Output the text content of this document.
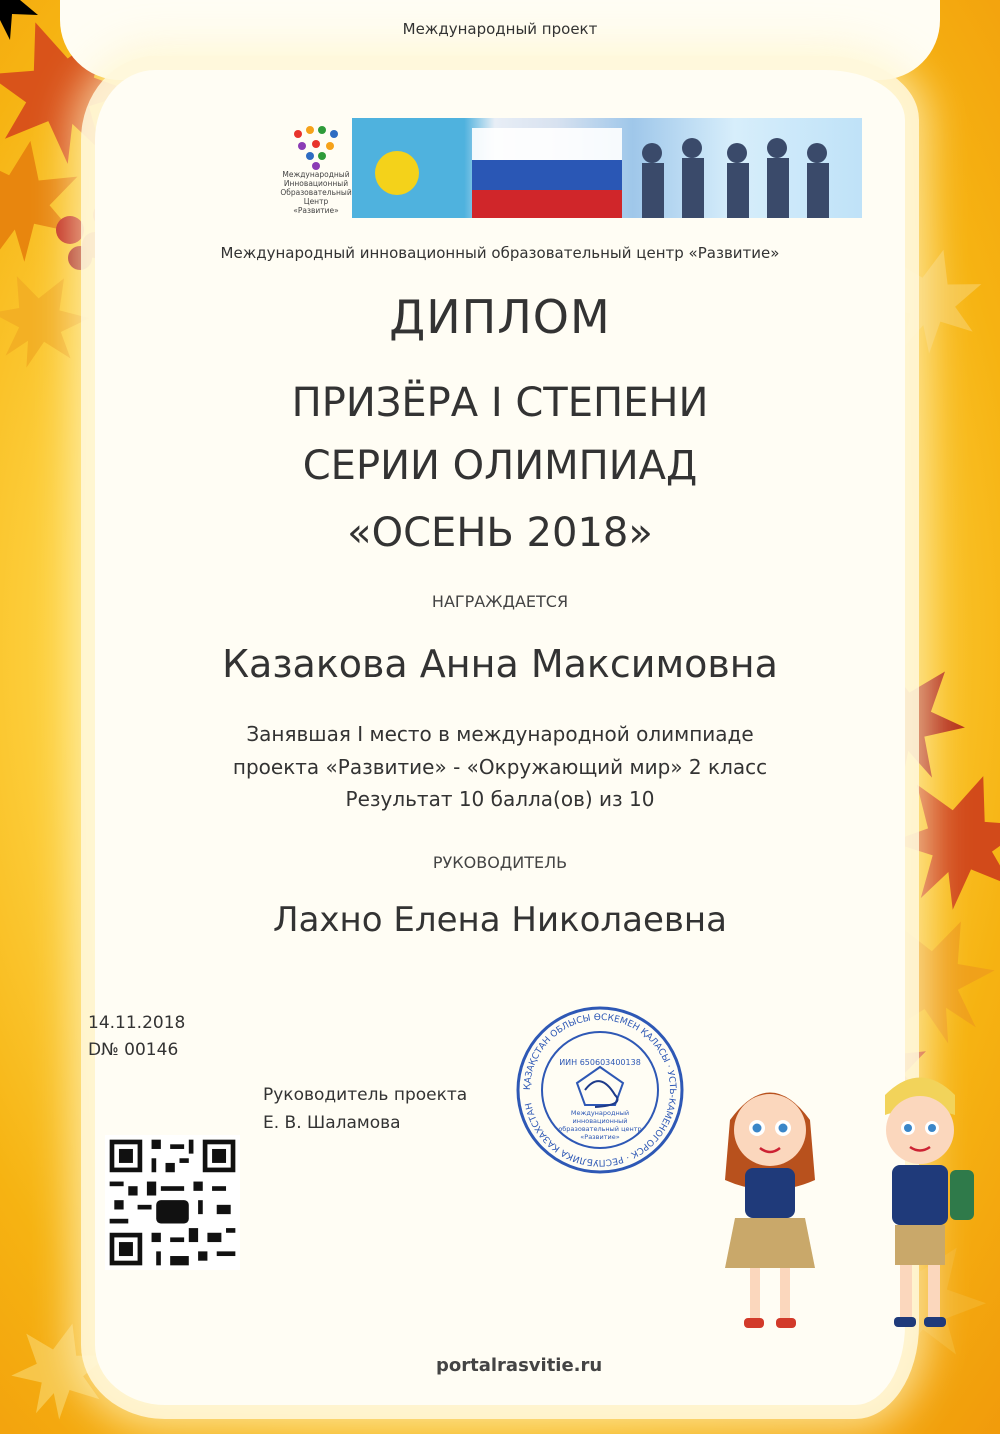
Международный проект
Международный Инновационный Образовательный Центр «Развитие»
Международный инновационный образовательный центр «Развитие»
ДИПЛОМ
ПРИЗЁРА I СТЕПЕНИ
СЕРИИ ОЛИМПИАД
«ОСЕНЬ 2018»
НАГРАЖДАЕТСЯ
Казакова Анна Максимовна
Занявшая I место в международной олимпиаде
проекта «Развитие» - «Окружающий мир» 2 класс
Результат 10 балла(ов) из 10
РУКОВОДИТЕЛЬ
Лахно Елена Николаевна
14.11.2018
D№ 00146
Руководитель проекта
Е. В. Шаламова
ҚАЗАҚСТАН ОБЛЫСЫ ӨСКЕМЕН ҚАЛАСЫ · УСТЬ-КАМЕНОГОРСК · РЕСПУБЛИКА КАЗАХСТАН
ИИН 650603400138
Международный инновационный образовательный центр «Развитие»
portalrasvitie.ru
